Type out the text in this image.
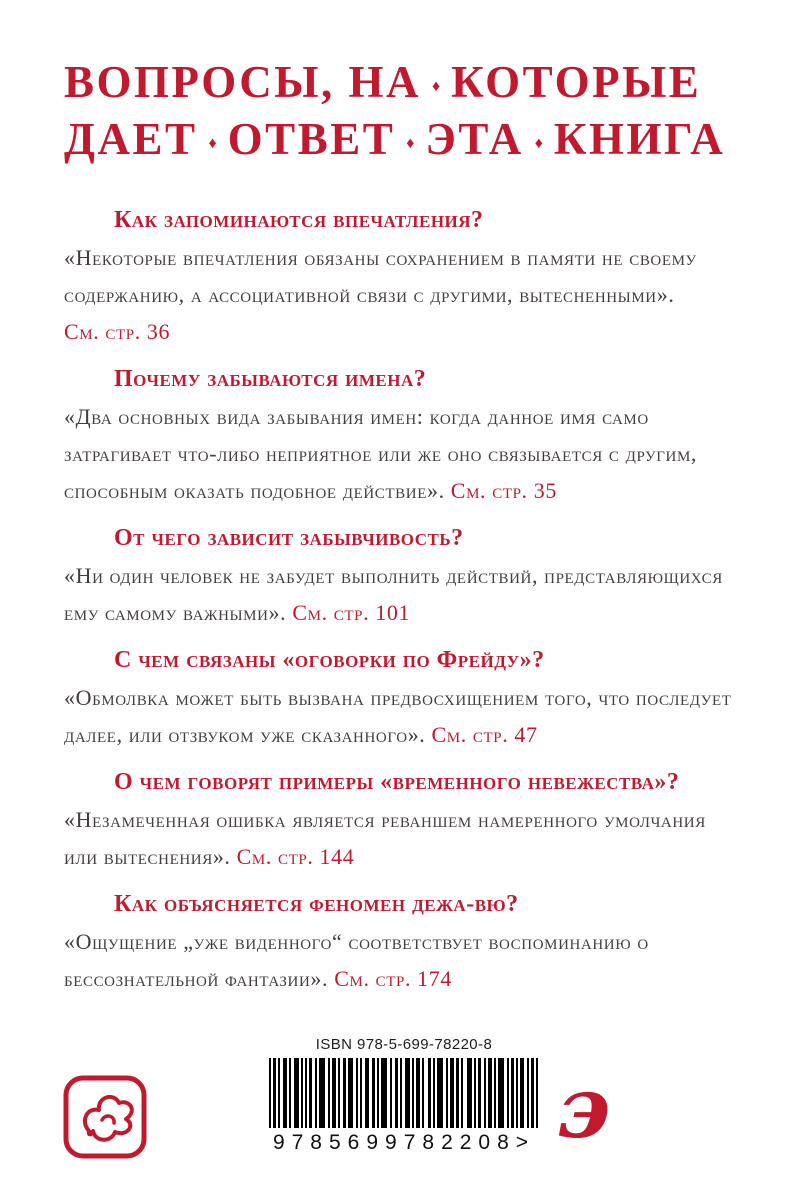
ВОПРОСЫ, НА ♦ КОТОРЫЕ
ДАЕТ ♦ ОТВЕТ ♦ ЭТА ♦ КНИГА

Как запоминаются впечатления?

«Некоторые впечатления обязаны сохранением в памяти не своему содержанию, а ассоциативной связи с другими, вытесненными». См. стр. 36

Почему забываются имена?

«Два основных вида забывания имен: когда данное имя само затрагивает что-либо неприятное или же оно связывается с другим, способным оказать подобное действие». См. стр. 35

От чего зависит забывчивость?

«Ни один человек не забудет выполнить действий, представляющихся ему самому важными». См. стр. 101

С чем связаны «оговорки по Фрейду»?

«Обмолвка может быть вызвана предвосхищением того, что последует далее, или отзвуком уже сказанного». См. стр. 47

О чем говорят примеры «временного невежества»?

«Незамеченная ошибка является реваншем намеренного умолчания или вытеснения». См. стр. 144

Как объясняется феномен дежа-вю?

«Ощущение „уже виденного“ соответствует воспоминанию о бессознательной фантазии». См. стр. 174

ISBN 978-5-699-78220-8
9785699782208> э
